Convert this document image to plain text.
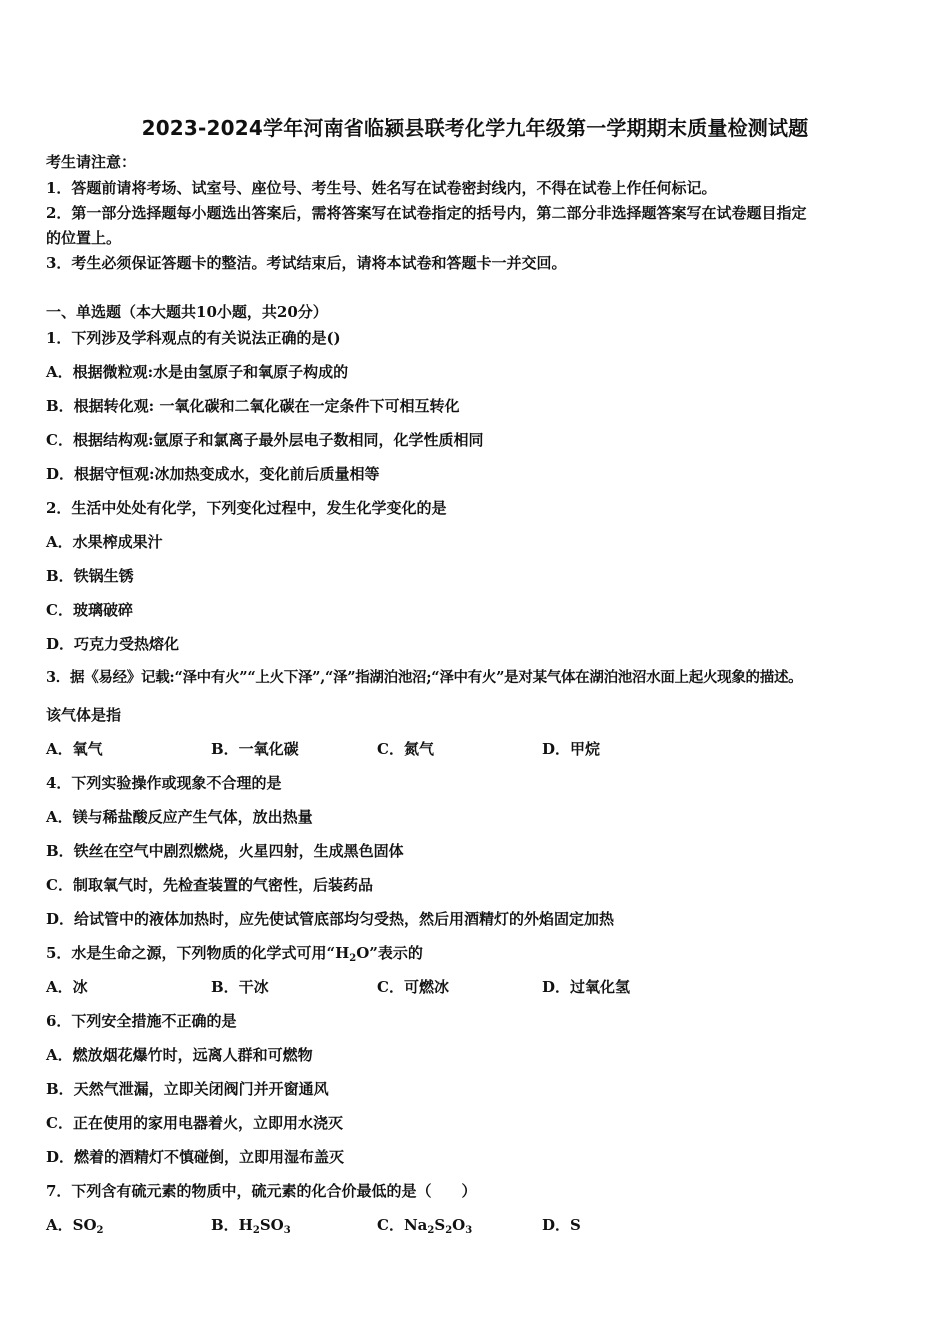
2023-2024学年河南省临颍县联考化学九年级第一学期期末质量检测试题
考生请注意：
1．答题前请将考场、试室号、座位号、考生号、姓名写在试卷密封线内，不得在试卷上作任何标记。
2．第一部分选择题每小题选出答案后，需将答案写在试卷指定的括号内，第二部分非选择题答案写在试卷题目指定
的位置上。
3．考生必须保证答题卡的整洁。考试结束后，请将本试卷和答题卡一并交回。
一、单选题（本大题共10小题，共20分）
1．下列涉及学科观点的有关说法正确的是()
A．根据微粒观:水是由氢原子和氧原子构成的
B．根据转化观: 一氧化碳和二氧化碳在一定条件下可相互转化
C．根据结构观:氩原子和氯离子最外层电子数相同，化学性质相同
D．根据守恒观:冰加热变成水，变化前后质量相等
2．生活中处处有化学，下列变化过程中，发生化学变化的是
A．水果榨成果汁
B．铁锅生锈
C．玻璃破碎
D．巧克力受热熔化
3．据《易经》记载:“泽中有火”“上火下泽”,“泽”指湖泊池沼;“泽中有火”是对某气体在湖泊池沼水面上起火现象的描述。
该气体是指
A．氧气	B．一氧化碳	C．氮气	D．甲烷
4．下列实验操作或现象不合理的是
A．镁与稀盐酸反应产生气体，放出热量
B．铁丝在空气中剧烈燃烧，火星四射，生成黑色固体
C．制取氧气时，先检查装置的气密性，后装药品
D．给试管中的液体加热时，应先使试管底部均匀受热，然后用酒精灯的外焰固定加热
5．水是生命之源，下列物质的化学式可用“$H_2O$”表示的
A．冰	B．干冰	C．可燃冰	D．过氧化氢
6．下列安全措施不正确的是
A．燃放烟花爆竹时，远离人群和可燃物
B．天然气泄漏，立即关闭阀门并开窗通风
C．正在使用的家用电器着火，立即用水浇灭
D．燃着的酒精灯不慎碰倒，立即用湿布盖灭
7．下列含有硫元素的物质中，硫元素的化合价最低的是（　　）
A．$SO_2$	B．$H_2SO_3$	C．$Na_2S_2O_3$	D．S
